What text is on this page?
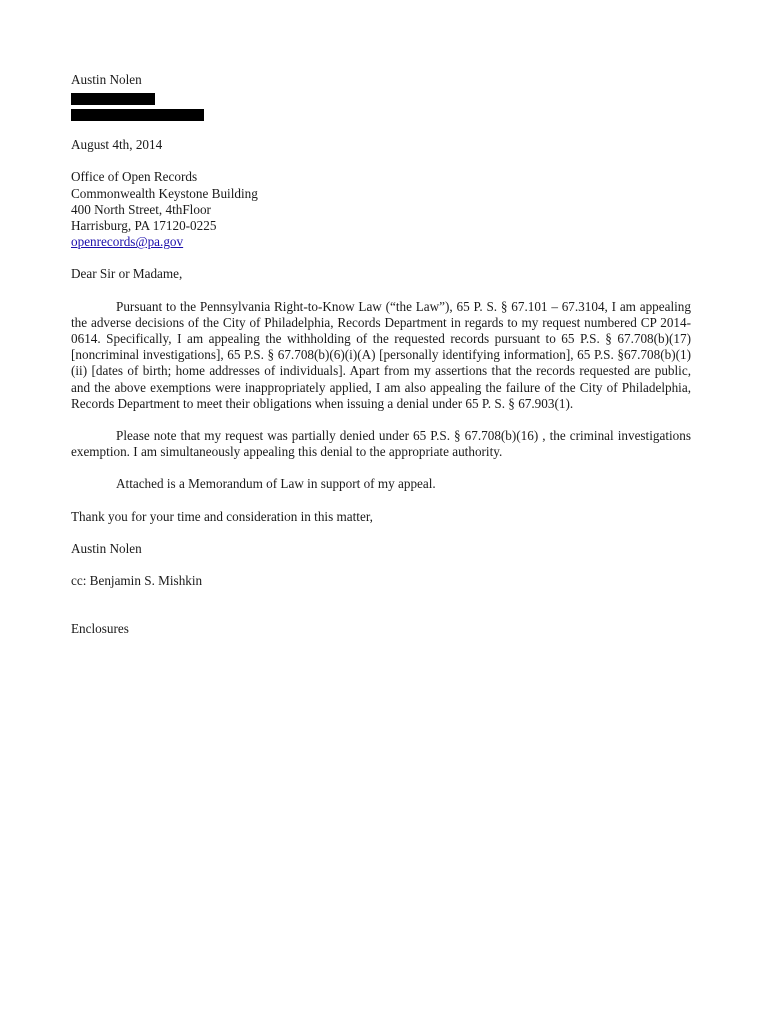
Austin Nolen
August 4th, 2014
Office of Open Records
Commonwealth Keystone Building
400 North Street, 4thFloor
Harrisburg, PA 17120-0225
openrecords@pa.gov
Dear Sir or Madame,
Pursuant to the Pennsylvania Right-to-Know Law (“the Law”), 65 P. S. § 67.101 – 67.3104, I am appealing the adverse decisions of the City of Philadelphia, Records Department in regards to my request numbered CP 2014-0614. Specifically, I am appealing the withholding of the requested records pursuant to 65 P.S. § 67.708(b)(17) [noncriminal investigations], 65 P.S. § 67.708(b)(6)(i)(A) [personally identifying information], 65 P.S. §67.708(b)(1)(ii) [dates of birth; home addresses of individuals]. Apart from my assertions that the records requested are public, and the above exemptions were inappropriately applied, I am also appealing the failure of the City of Philadelphia, Records Department to meet their obligations when issuing a denial under 65 P. S. § 67.903(1).
Please note that my request was partially denied under 65 P.S. § 67.708(b)(16) , the criminal investigations exemption. I am simultaneously appealing this denial to the appropriate authority.
Attached is a Memorandum of Law in support of my appeal.
Thank you for your time and consideration in this matter,
Austin Nolen
cc: Benjamin S. Mishkin
Enclosures
